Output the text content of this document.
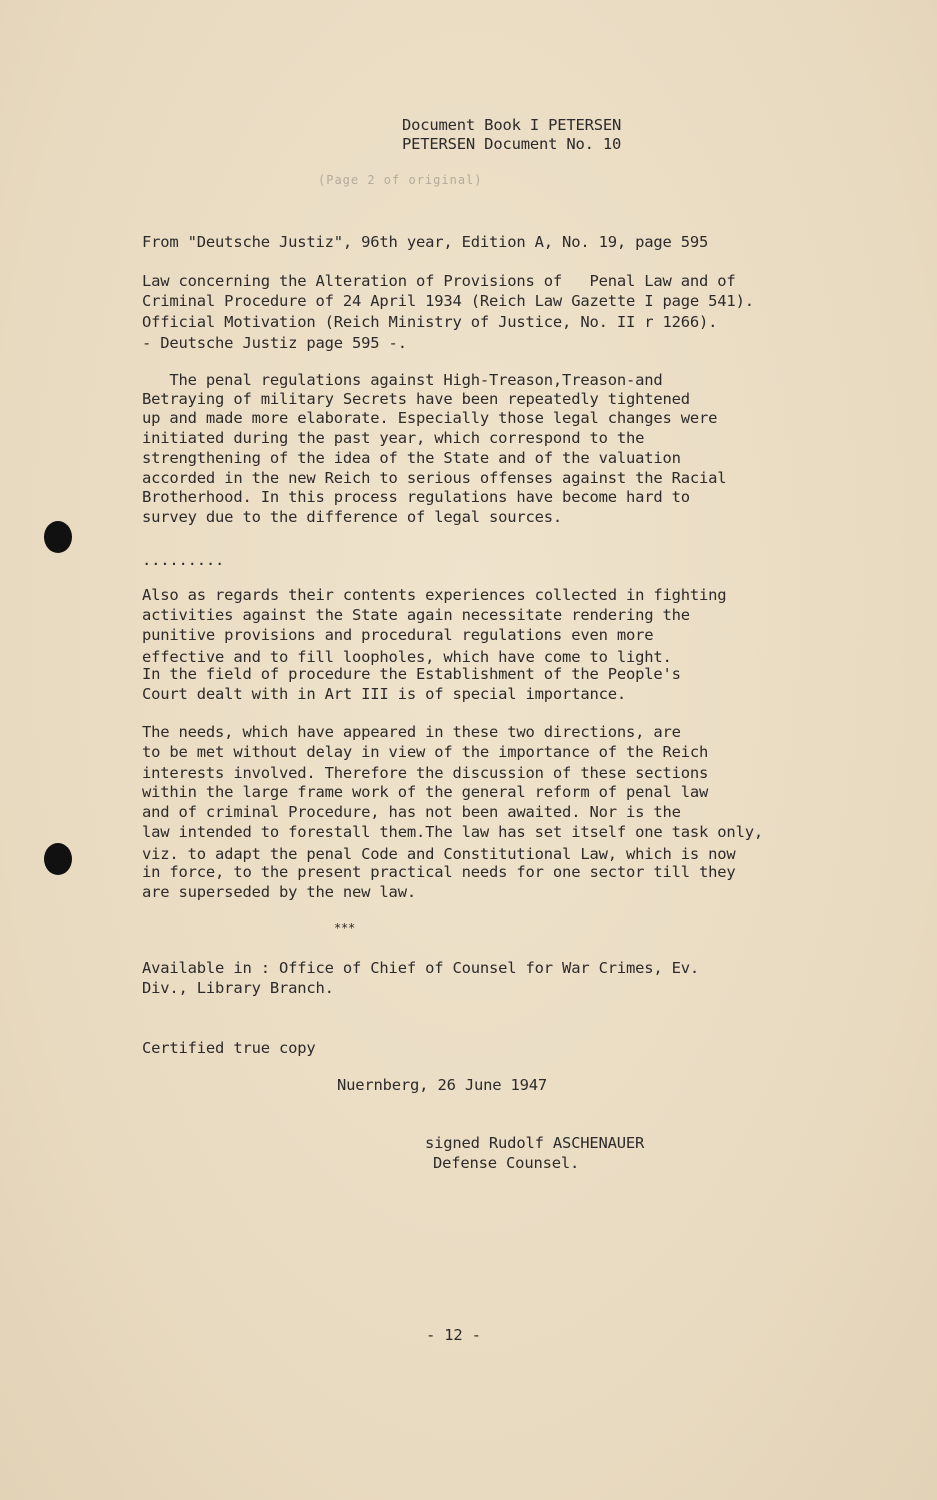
Document Book I PETERSEN
PETERSEN Document No. 10
(Page 2 of original)
From "Deutsche Justiz", 96th year, Edition A, No. 19, page 595
Law concerning the Alteration of Provisions of   Penal Law and of
Criminal Procedure of 24 April 1934 (Reich Law Gazette I page 541).
Official Motivation (Reich Ministry of Justice, No. II r 1266).
- Deutsche Justiz page 595 -.
The penal regulations against High-Treason,Treason-and
Betraying of military Secrets have been repeatedly tightened
up and made more elaborate. Especially those legal changes were
initiated during the past year, which correspond to the
strengthening of the idea of the State and of the valuation
accorded in the new Reich to serious offenses against the Racial
Brotherhood. In this process regulations have become hard to
survey due to the difference of legal sources.
.........
Also as regards their contents experiences collected in fighting
activities against the State again necessitate rendering the
punitive provisions and procedural regulations even more
effective and to fill loopholes, which have come to light.
In the field of procedure the Establishment of the People's
Court dealt with in Art III is of special importance.
The needs, which have appeared in these two directions, are
to be met without delay in view of the importance of the Reich
interests involved. Therefore the discussion of these sections
within the large frame work of the general reform of penal law
and of criminal Procedure, has not been awaited. Nor is the
law intended to forestall them.The law has set itself one task only,
viz. to adapt the penal Code and Constitutional Law, which is now
in force, to the present practical needs for one sector till they
are superseded by the new law.
***
Available in : Office of Chief of Counsel for War Crimes, Ev.
Div., Library Branch.
Certified true copy
Nuernberg, 26 June 1947
signed Rudolf ASCHENAUER
Defense Counsel.
- 12 -
